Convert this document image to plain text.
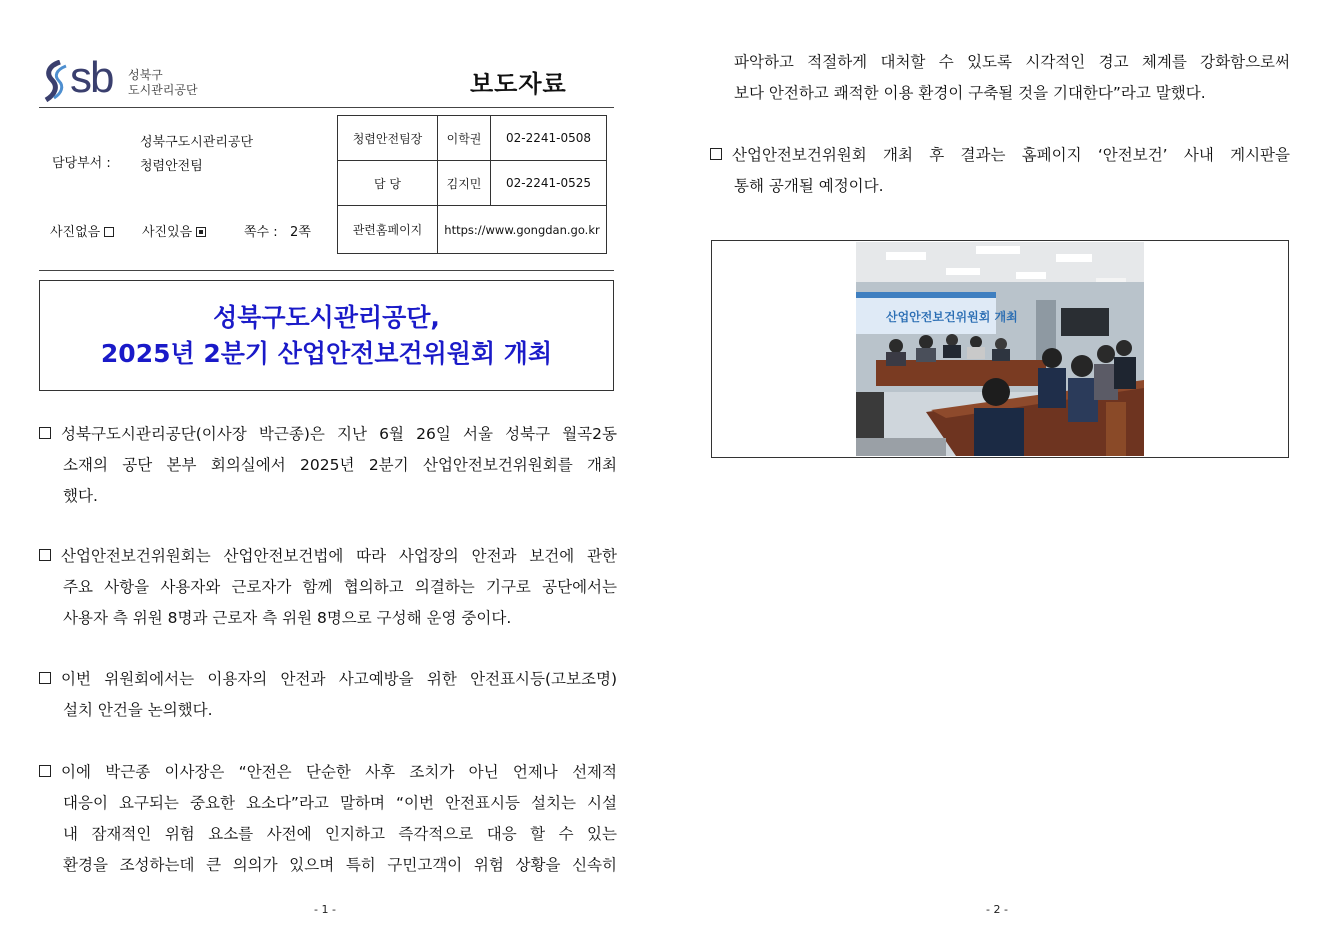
sb 성북구
도시관리공단	보도자료
담당부서 :
성북구도시관리공단
청렴안전팀
사진없음	사진있음	쪽수 : 2쪽
청렴안전팀장	이학권	02-2241-0508
담 당	김지민	02-2241-0525
관련홈페이지	https://www.gongdan.go.kr	
성북구도시관리공단,
2025년 2분기 산업안전보건위원회 개최
성북구도시관리공단(이사장 박근종)은 지난 6월 26일 서울 성북구 월곡2동
소재의 공단 본부 회의실에서 2025년 2분기 산업안전보건위원회를 개최
했다.
산업안전보건위원회는 산업안전보건법에 따라 사업장의 안전과 보건에 관한
주요 사항을 사용자와 근로자가 함께 협의하고 의결하는 기구로 공단에서는
사용자 측 위원 8명과 근로자 측 위원 8명으로 구성해 운영 중이다.
이번 위원회에서는 이용자의 안전과 사고예방을 위한 안전표시등(고보조명)
설치 안건을 논의했다.
이에 박근종 이사장은 “안전은 단순한 사후 조치가 아닌 언제나 선제적
대응이 요구되는 중요한 요소다”라고 말하며 “이번 안전표시등 설치는 시설
내 잠재적인 위험 요소를 사전에 인지하고 즉각적으로 대응 할 수 있는
환경을 조성하는데 큰 의의가 있으며 특히 구민고객이 위험 상황을 신속히
- 1 -
파악하고 적절하게 대처할 수 있도록 시각적인 경고 체계를 강화함으로써
보다 안전하고 쾌적한 이용 환경이 구축될 것을 기대한다”라고 말했다.
산업안전보건위원회 개최 후 결과는 홈페이지 ‘안전보건’ 사내 게시판을
통해 공개될 예정이다.
산업안전보건위원회 개최
- 2 -
